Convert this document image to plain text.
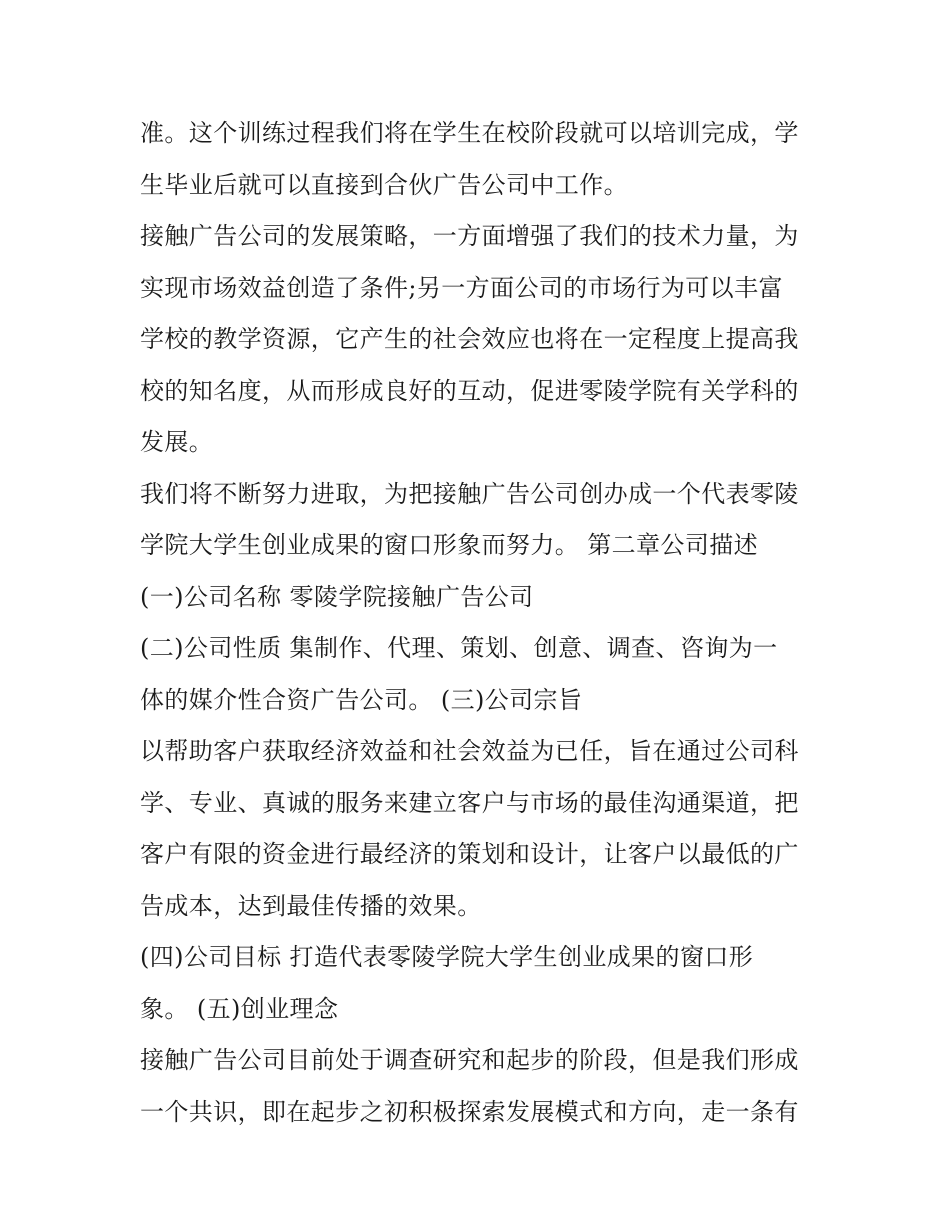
准。这个训练过程我们将在学生在校阶段就可以培训完成，学
生毕业后就可以直接到合伙广告公司中工作。
接触广告公司的发展策略，一方面增强了我们的技术力量，为
实现市场效益创造了条件;另一方面公司的市场行为可以丰富
学校的教学资源，它产生的社会效应也将在一定程度上提高我
校的知名度，从而形成良好的互动，促进零陵学院有关学科的
发展。
我们将不断努力进取，为把接触广告公司创办成一个代表零陵
学院大学生创业成果的窗口形象而努力。 第二章公司描述
(一)公司名称 零陵学院接触广告公司
(二)公司性质 集制作、代理、策划、创意、调查、咨询为一
体的媒介性合资广告公司。 (三)公司宗旨
以帮助客户获取经济效益和社会效益为已任，旨在通过公司科
学、专业、真诚的服务来建立客户与市场的最佳沟通渠道，把
客户有限的资金进行最经济的策划和设计，让客户以最低的广
告成本，达到最佳传播的效果。
(四)公司目标 打造代表零陵学院大学生创业成果的窗口形
象。 (五)创业理念
接触广告公司目前处于调查研究和起步的阶段，但是我们形成
一个共识，即在起步之初积极探索发展模式和方向，走一条有
